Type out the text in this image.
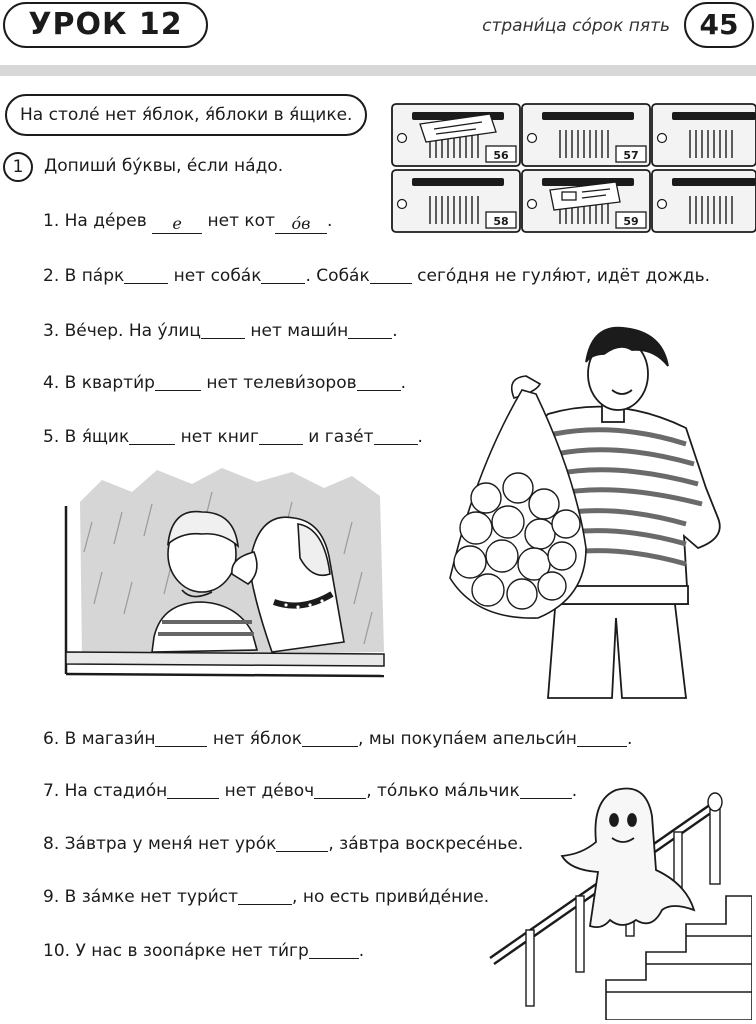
УРОК 12	страни́ца со́рок пять	45
На столе́ нет я́блок, я́блоки в я́щике.
1	Допиши́ бу́квы, е́сли на́до.
56	57
58	59
1. На де́рев е нет кот о́в .
2. В па́рк	нет соба́к	. Соба́к сего́дня не гуля́ют, идёт дождь.
3. Ве́чер. На у́лиц	нет маши́н	.
4. В кварти́р	нет телеви́зоров	.
5. В я́щик	нет книг	и газе́т	.
6. В магази́н	нет я́блок	, мы покупа́ем апельси́н	.
7. На стадио́н	нет де́воч	, то́лько ма́льчик	.
8. За́втра у меня́ нет уро́к	, за́втра воскресе́нье.
9. В за́мке нет тури́ст	, но есть приви́де́ние.
10. У нас в зоопа́рке нет ти́гр	.
